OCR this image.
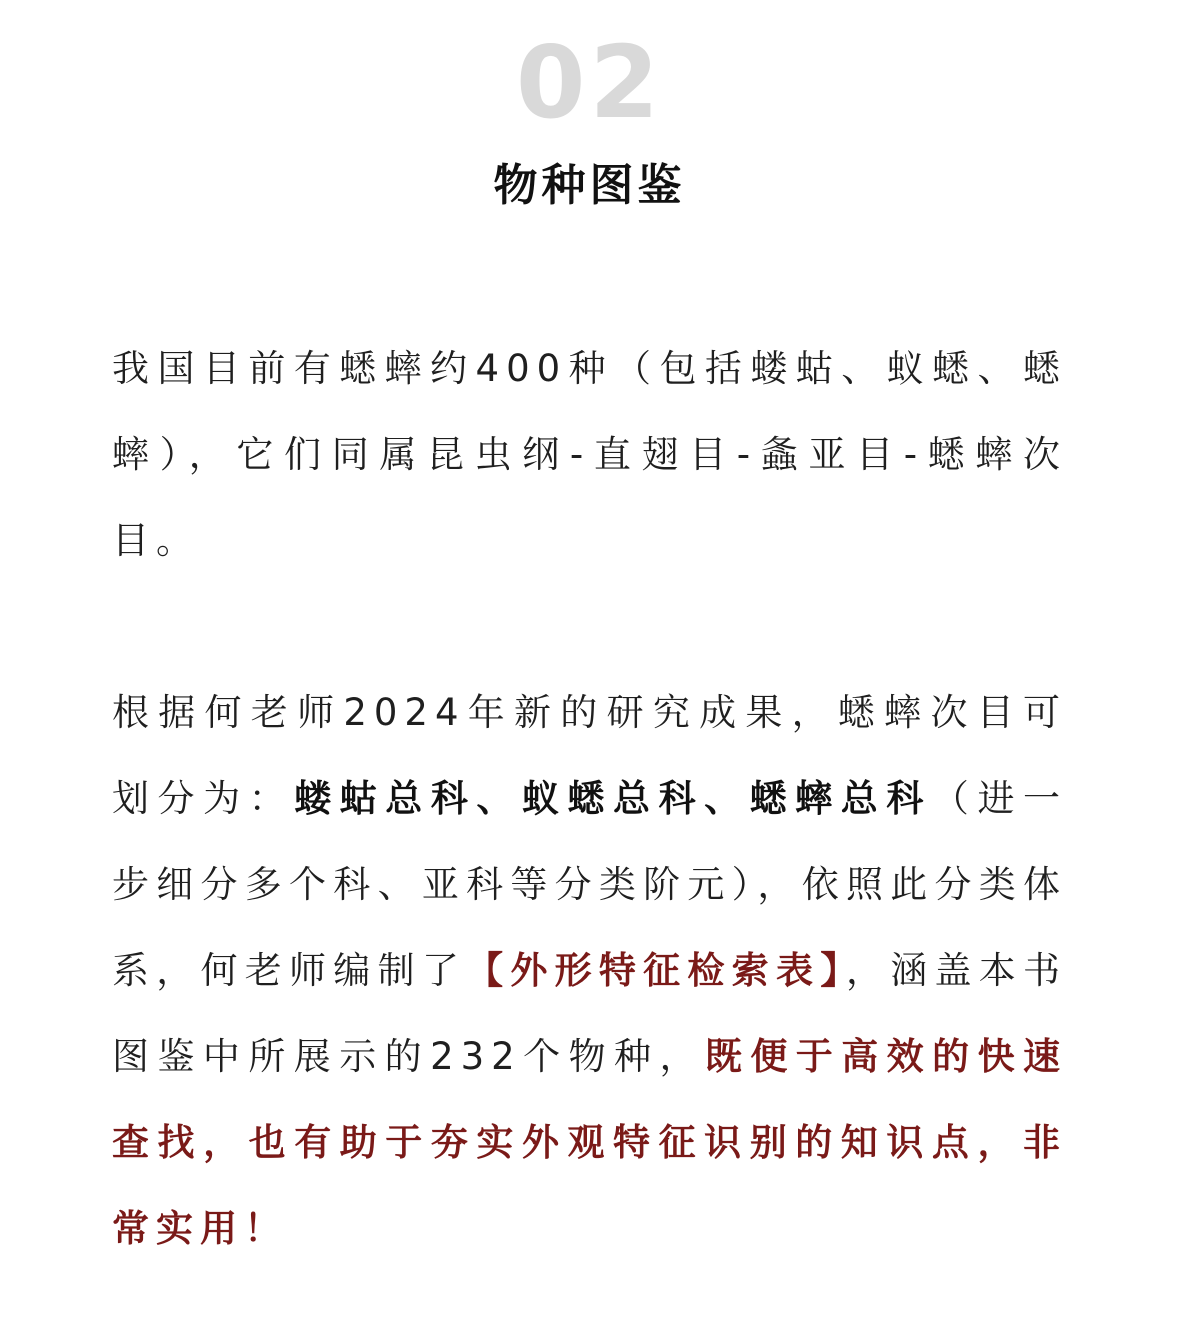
02
物种图鉴

我国目前有蟋蟀约400种（包括蝼蛄、蚁蟋、蟋蟀），它们同属昆虫纲-直翅目-螽亚目-蟋蟀次目。

根据何老师2024年新的研究成果，蟋蟀次目可划分为：蝼蛄总科、蚁蟋总科、蟋蟀总科（进一步细分多个科、亚科等分类阶元），依照此分类体系，何老师编制了【外形特征检索表】，涵盖本书图鉴中所展示的232个物种，既便于高效的快速查找，也有助于夯实外观特征识别的知识点，非常实用！
